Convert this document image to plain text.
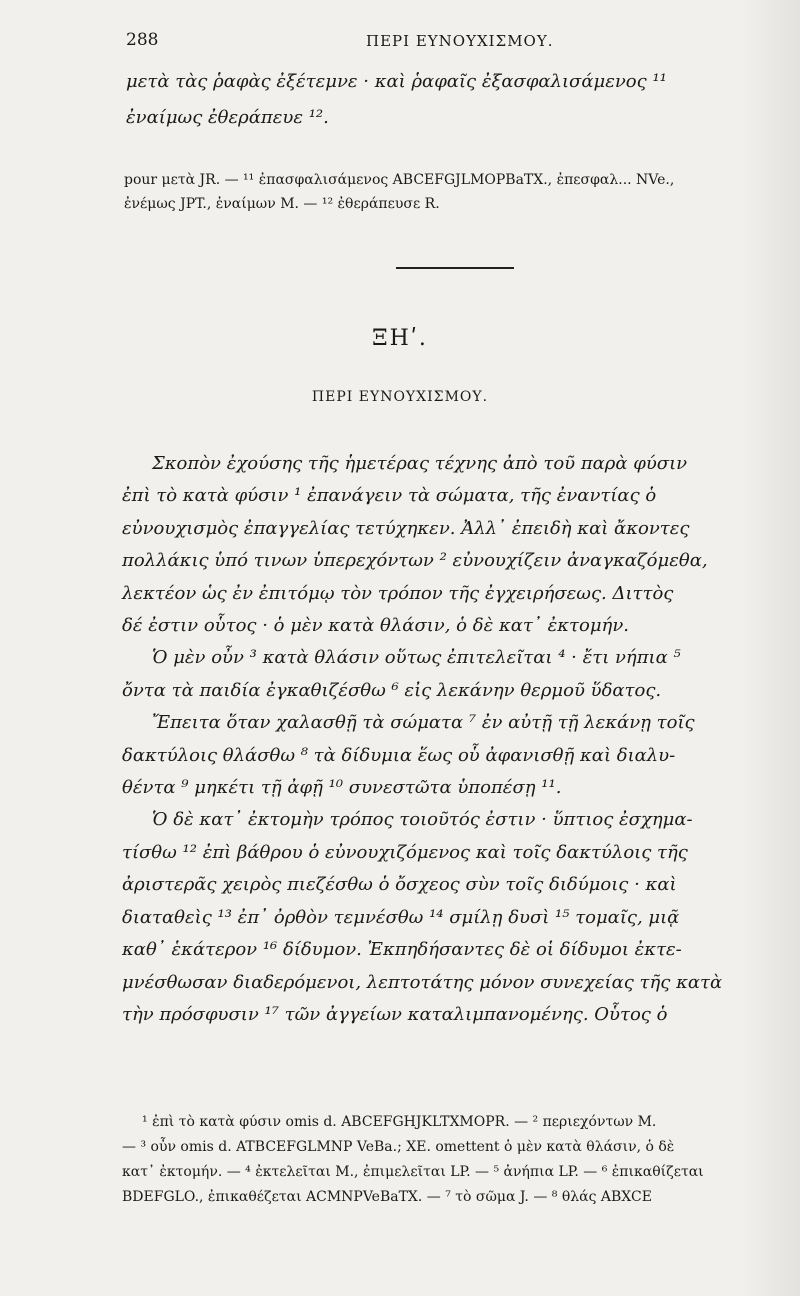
288	ΠΕΡΙ ΕΥΝΟΥΧΙΣΜΟΥ.
μετὰ τὰς ῥαφὰς ἐξέτεμνε · καὶ ῥαφαῖς ἐξασφαλισάμενος ¹¹
ἐναίμως ἐθεράπευε ¹².
pour μετὰ JR. — ¹¹ ἐπασφαλισάμενος ABCEFGJLMOPBaTX., ἐπεσφαλ... NVe.,
ἐνέμως JPT., ἐναίμων M. — ¹² ἐθεράπευσε R.
ΞΗʹ.
ΠΕΡΙ ΕΥΝΟΥΧΙΣΜΟΥ.
Σκοπὸν ἐχούσης τῆς ἡμετέρας τέχνης ἀπὸ τοῦ παρὰ φύσιν
ἐπὶ τὸ κατὰ φύσιν ¹ ἐπανάγειν τὰ σώματα, τῆς ἐναντίας ὁ
εὐνουχισμὸς ἐπαγγελίας τετύχηκεν. Ἀλλ᾽ ἐπειδὴ καὶ ἄκοντες
πολλάκις ὑπό τινων ὑπερεχόντων ² εὐνουχίζειν ἀναγκαζόμεθα,
λεκτέον ὡς ἐν ἐπιτόμῳ τὸν τρόπον τῆς ἐγχειρήσεως. Διττὸς
δέ ἐστιν οὗτος · ὁ μὲν κατὰ θλάσιν, ὁ δὲ κατ᾽ ἐκτομήν.
Ὁ μὲν οὖν ³ κατὰ θλάσιν οὕτως ἐπιτελεῖται ⁴ · ἔτι νήπια ⁵
ὄντα τὰ παιδία ἐγκαθιζέσθω ⁶ εἰς λεκάνην θερμοῦ ὕδατος.
Ἔπειτα ὅταν χαλασθῇ τὰ σώματα ⁷ ἐν αὐτῇ τῇ λεκάνῃ τοῖς
δακτύλοις θλάσθω ⁸ τὰ δίδυμια ἕως οὗ ἀφανισθῇ καὶ διαλυ-
θέντα ⁹ μηκέτι τῇ ἀφῇ ¹⁰ συνεστῶτα ὑποπέσῃ ¹¹.
Ὁ δὲ κατ᾽ ἐκτομὴν τρόπος τοιοῦτός ἐστιν · ὕπτιος ἐσχημα-
τίσθω ¹² ἐπὶ βάθρου ὁ εὐνουχιζόμενος καὶ τοῖς δακτύλοις τῆς
ἀριστερᾶς χειρὸς πιεζέσθω ὁ ὄσχεος σὺν τοῖς διδύμοις · καὶ
διαταθεὶς ¹³ ἐπ᾽ ὀρθὸν τεμνέσθω ¹⁴ σμίλῃ δυσὶ ¹⁵ τομαῖς, μιᾷ
καθ᾽ ἑκάτερον ¹⁶ δίδυμον. Ἐκπηδήσαντες δὲ οἱ δίδυμοι ἐκτε-
μνέσθωσαν διαδερόμενοι, λεπτοτάτης μόνον συνεχείας τῆς κατὰ
τὴν πρόσφυσιν ¹⁷ τῶν ἀγγείων καταλιμπανομένης. Οὗτος ὁ
¹ ἐπὶ τὸ κατὰ φύσιν omis d. ABCEFGHJKLTXMOPR. — ² περιεχόντων M.
— ³ οὖν omis d. ATBCEFGLMNP VeBa.; XE. omettent ὁ μὲν κατὰ θλάσιν, ὁ δὲ
κατ᾽ ἐκτομήν. — ⁴ ἐκτελεῖται M., ἐπιμελεῖται LP. — ⁵ ἀνήπια LP. — ⁶ ἐπικαθίζεται
BDEFGLO., ἐπικαθέζεται ACMNPVeBaTX. — ⁷ τὸ σῶμα J. — ⁸ θλάς ABXCE
